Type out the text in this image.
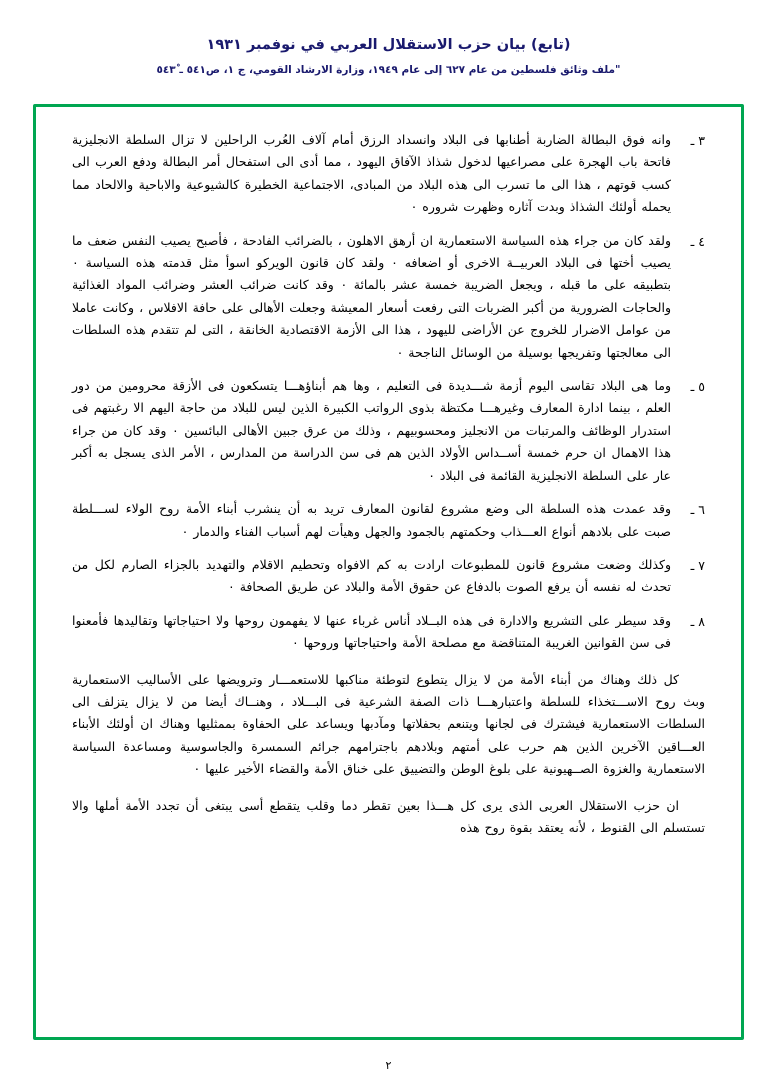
(تابع) بيان حزب الاستقلال العربي في نوفمبر ١٩٣١
"ملف وثائق فلسطين من عام ٦٢٧ إلى عام ١٩٤٩، وزارة الارشاد القومي، ج ١، ص٥٤١ ـ ٥٤٣ْ
٣ ـ
وانه فوق البطالة الضاربة أطنابها فى البلاد وانسداد الرزق أمام آلاف العُرب الراحلين لا تزال السلطة الانجليزية فاتحة باب الهجرة على مصراعيها لدخول شذاذ الآفاق اليهود ، مما أدى الى استفحال أمر البطالة ودفع العرب الى كسب قوتهم ، هذا الى ما تسرب الى هذه البلاد من المبادى، الاجتماعية الخطيرة كالشيوعية والاباحية والالحاد مما يحمله أولئك الشذاذ وبدت آثاره وظهرت شروره ٠
٤ ـ
ولقد كان من جراء هذه السياسة الاستعمارية ان أرهق الاهلون ، بالضرائب الفادحة ، فأصبح يصيب النفس ضعف ما يصيب أختها فى البلاد العربيــة الاخرى أو اضعافه ٠ ولقد كان قانون الويركو اسوأ مثل قدمته هذه السياسة ٠ بتطبيقه على ما قبله ، ويجعل الضريبة خمسة عشر بالمائة ٠ وقد كانت ضرائب العشر وضرائب المواد الغذائية والحاجات الضرورية من أكبر الضربات التى رفعت أسعار المعيشة وجعلت الأهالى على حافة الافلاس ، وكانت عاملا من عوامل الاضرار للخروج عن الأراضى لليهود ، هذا الى الأزمة الاقتصادية الخانقة ، التى لم تتقدم هذه السلطات الى معالجتها وتفريجها بوسيلة من الوسائل الناجحة ٠
٥ ـ
وما هى البلاد تقاسى اليوم أزمة شـــديدة فى التعليم ، وها هم أبناؤهـــا يتسكعون فى الأزقة محرومين من دور العلم ، بينما ادارة المعارف وغيرهـــا مكتظة بذوى الرواتب الكبيرة الذين ليس للبلاد من حاجة اليهم الا رغبتهم فى استدرار الوظائف والمرتبات من الانجليز ومحسوبيهم ، وذلك من عرق جبين الأهالى البائسين ٠ وقد كان من جراء هذا الاهمال ان حرم خمسة أســداس الأولاد الذين هم فى سن الدراسة من المدارس ، الأمر الذى يسجل به أكبر عار على السلطة الانجليزية القائمة فى البلاد ٠
٦ ـ
وقد عمدت هذه السلطة الى وضع مشروع لقانون المعارف تريد به أن ينشرب أبناء الأمة روح الولاء لســـلطة صبت على بلادهم أنواع العـــذاب وحكمتهم بالجمود والجهل وهيأت لهم أسباب الفناء والدمار ٠
٧ ـ
وكذلك وضعت مشروع قانون للمطبوعات ارادت به كم الافواه وتحطيم الاقلام والتهديد بالجزاء الصارم لكل من تحدث له نفسه أن يرفع الصوت بالدفاع عن حقوق الأمة والبلاد عن طريق الصحافة ٠
٨ ـ
وقد سيطر على التشريع والادارة فى هذه البــلاد أناس غرباء عنها لا يفهمون روحها ولا احتياجاتها وتقاليدها فأمعنوا فى سن القوانين الغريبة المتناقضة مع مصلحة الأمة واحتياجاتها وروحها ٠
كل ذلك وهناك من أبناء الأمة من لا يزال يتطوع لتوطئة مناكبها للاستعمـــار وترويضها على الأساليب الاستعمارية وبث روح الاســـتخذاء للسلطة واعتبارهـــا ذات الصفة الشرعية فى البـــلاد ، وهنــاك أيضا من لا يزال يتزلف الى السلطات الاستعمارية فيشترك فى لجانها ويتنعم بحفلاتها ومآدبها ويساعد على الحفاوة بممثليها وهناك ان أولئك الأبناء العـــاقين الآخرين الذين هم حرب على أمتهم وبلادهم باجترامهم جرائم السمسرة والجاسوسية ومساعدة السياسة الاستعمارية والغزوة الصــهيونية على بلوغ الوطن والتضييق على خناق الأمة والقضاء الأخير عليها ٠
ان حزب الاستقلال العربى الذى يرى كل هـــذا بعين تقطر دما وقلب يتقطع أسى يبتغى أن تجدد الأمة أملها والا تستسلم الى القنوط ، لأنه يعتقد بقوة روح هذه
٢
